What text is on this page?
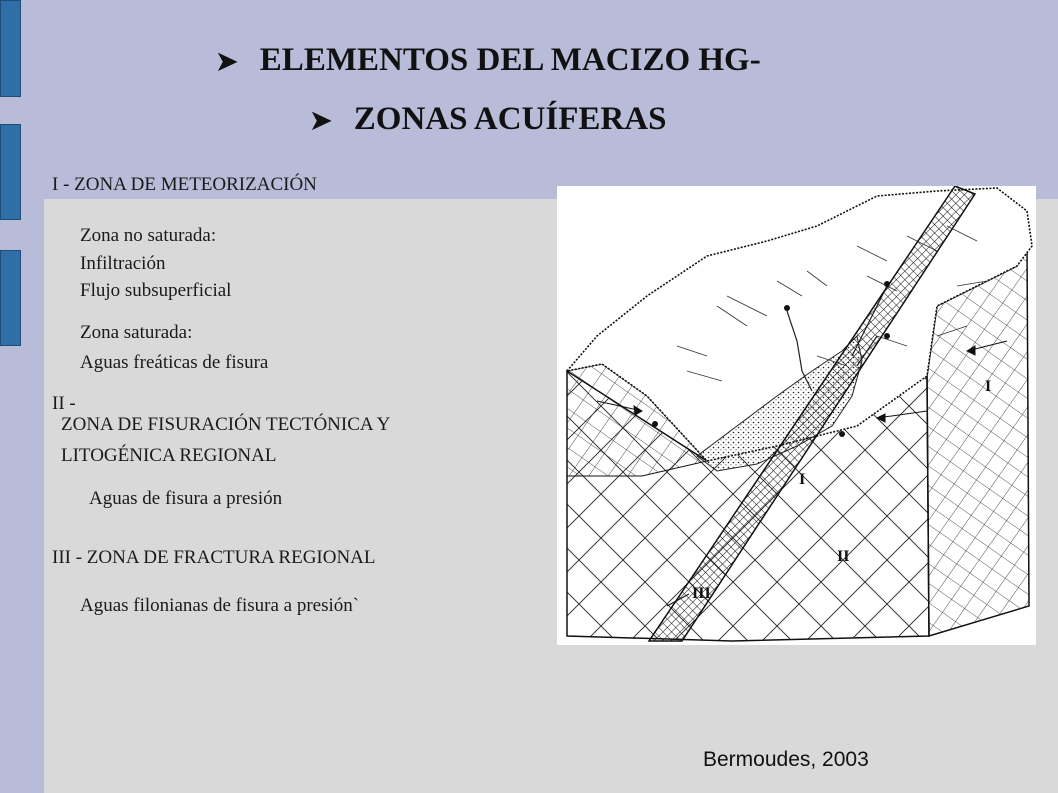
➤ ELEMENTOS DEL MACIZO HG-
➤ ZONAS ACUÍFERAS
I - ZONA DE METEORIZACIÓN
Zona no saturada:
Infiltración
Flujo subsuperficial
Zona saturada:
Aguas freáticas de fisura
II -
ZONA DE FISURACIÓN TECTÓNICA Y
LITOGÉNICA REGIONAL
Aguas de fisura a presión
III - ZONA DE FRACTURA REGIONAL
Aguas filonianas de fisura a presión`
I
I
II
III
Bermoudes, 2003
